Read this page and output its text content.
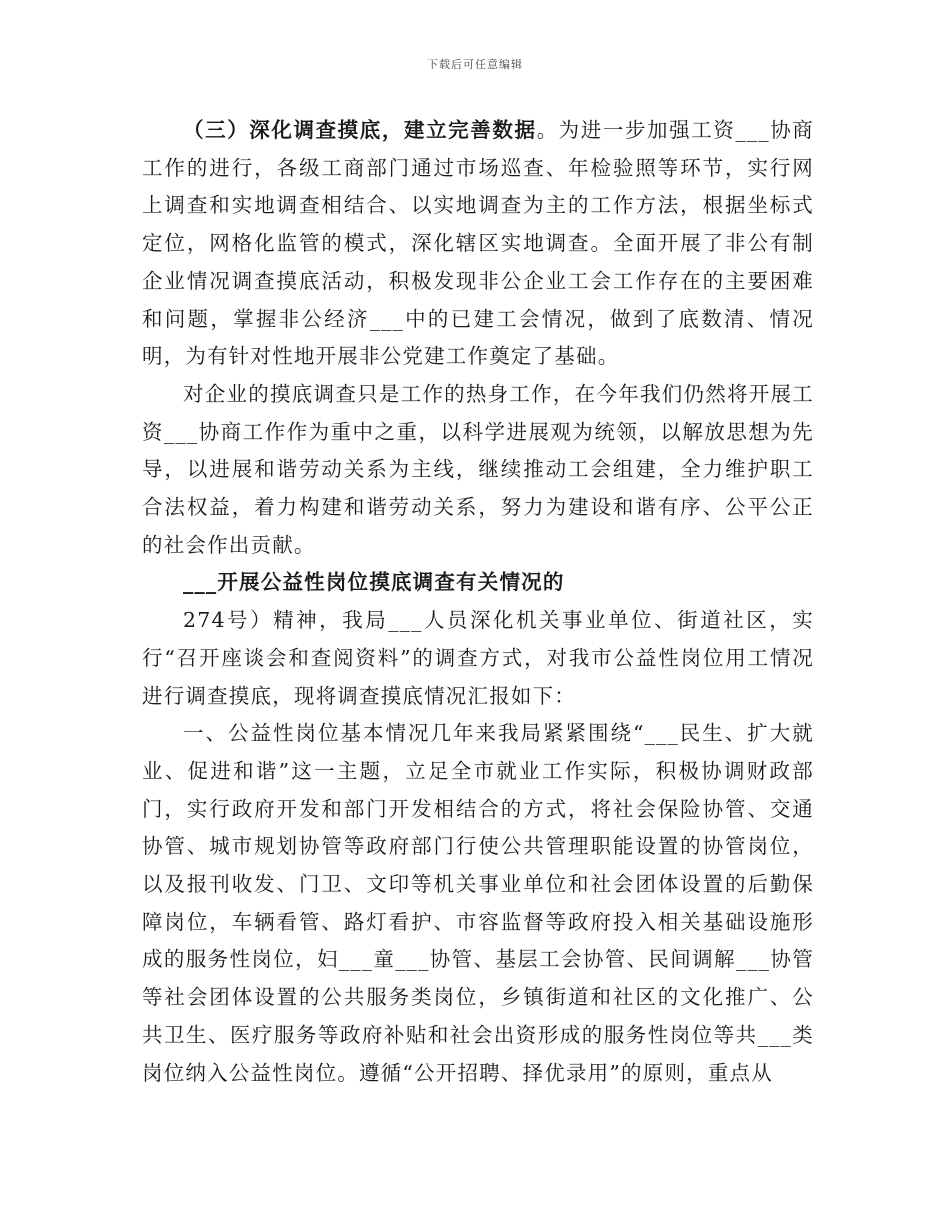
下载后可任意编辑

（三）深化调查摸底，建立完善数据。为进一步加强工资___协商工作的进行，各级工商部门通过市场巡查、年检验照等环节，实行网上调查和实地调查相结合、以实地调查为主的工作方法，根据坐标式定位，网格化监管的模式，深化辖区实地调查。全面开展了非公有制企业情况调查摸底活动，积极发现非公企业工会工作存在的主要困难和问题，掌握非公经济___中的已建工会情况，做到了底数清、情况明，为有针对性地开展非公党建工作奠定了基础。

对企业的摸底调查只是工作的热身工作，在今年我们仍然将开展工资___协商工作作为重中之重，以科学进展观为统领，以解放思想为先导，以进展和谐劳动关系为主线，继续推动工会组建，全力维护职工合法权益，着力构建和谐劳动关系，努力为建设和谐有序、公平公正的社会作出贡献。

___开展公益性岗位摸底调查有关情况的

274号）精神，我局___人员深化机关事业单位、街道社区，实行“召开座谈会和查阅资料”的调查方式，对我市公益性岗位用工情况进行调查摸底，现将调查摸底情况汇报如下：

一、公益性岗位基本情况几年来我局紧紧围绕“___民生、扩大就业、促进和谐”这一主题，立足全市就业工作实际，积极协调财政部门，实行政府开发和部门开发相结合的方式，将社会保险协管、交通协管、城市规划协管等政府部门行使公共管理职能设置的协管岗位，以及报刊收发、门卫、文印等机关事业单位和社会团体设置的后勤保障岗位，车辆看管、路灯看护、市容监督等政府投入相关基础设施形成的服务性岗位，妇___童___协管、基层工会协管、民间调解___协管等社会团体设置的公共服务类岗位，乡镇街道和社区的文化推广、公共卫生、医疗服务等政府补贴和社会出资形成的服务性岗位等共___类岗位纳入公益性岗位。遵循“公开招聘、择优录用”的原则，重点从
